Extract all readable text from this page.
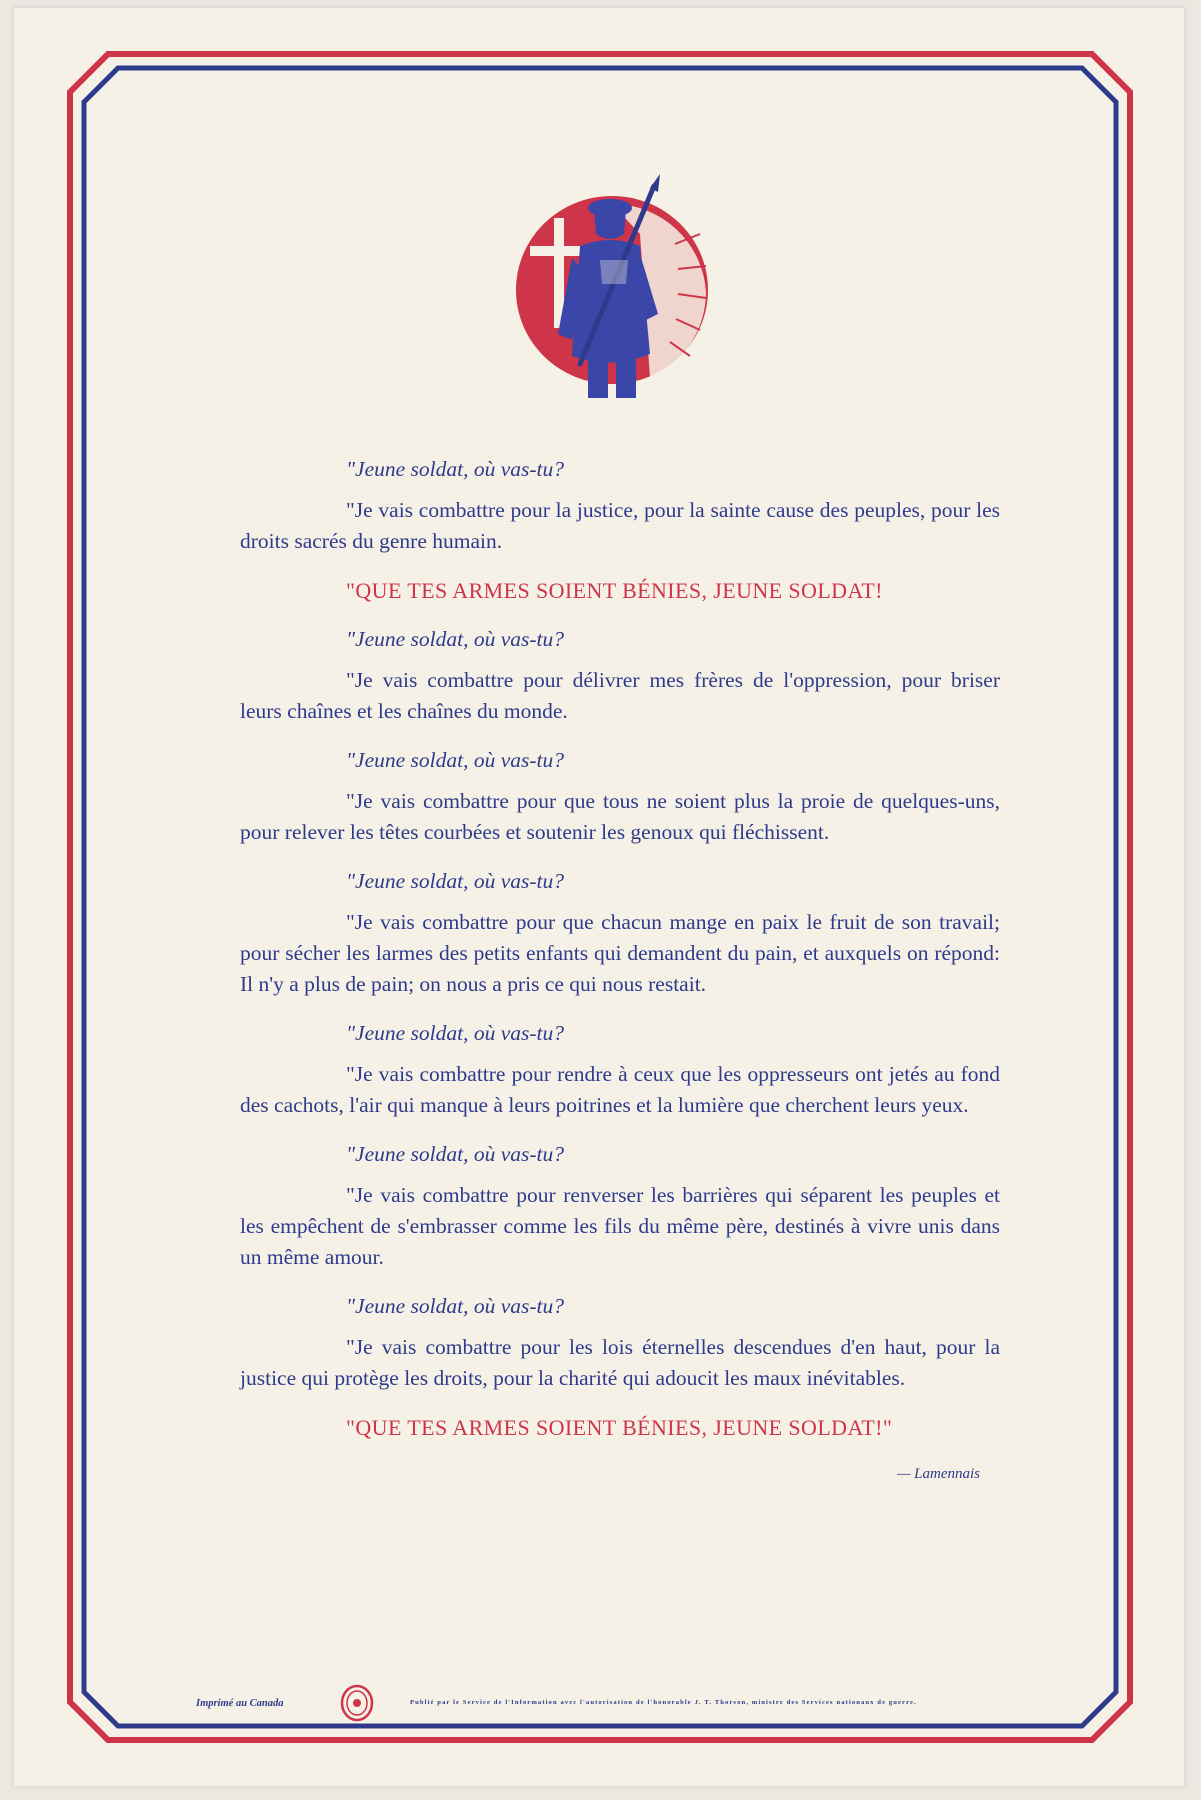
"Jeune soldat, où vas-tu?

"Je vais combattre pour la justice, pour la sainte cause des peuples, pour les droits sacrés du genre humain.

"QUE TES ARMES SOIENT BÉNIES, JEUNE SOLDAT!

"Jeune soldat, où vas-tu?

"Je vais combattre pour délivrer mes frères de l'oppression, pour briser leurs chaînes et les chaînes du monde.

"Jeune soldat, où vas-tu?

"Je vais combattre pour que tous ne soient plus la proie de quelques-uns, pour relever les têtes courbées et soutenir les genoux qui fléchissent.

"Jeune soldat, où vas-tu?

"Je vais combattre pour que chacun mange en paix le fruit de son travail; pour sécher les larmes des petits enfants qui demandent du pain, et auxquels on répond: Il n'y a plus de pain; on nous a pris ce qui nous restait.

"Jeune soldat, où vas-tu?

"Je vais combattre pour rendre à ceux que les oppresseurs ont jetés au fond des cachots, l'air qui manque à leurs poitrines et la lumière que cherchent leurs yeux.

"Jeune soldat, où vas-tu?

"Je vais combattre pour renverser les barrières qui séparent les peuples et les empêchent de s'embrasser comme les fils du même père, destinés à vivre unis dans un même amour.

"Jeune soldat, où vas-tu?

"Je vais combattre pour les lois éternelles descendues d'en haut, pour la justice qui protège les droits, pour la charité qui adoucit les maux inévitables.

"QUE TES ARMES SOIENT BÉNIES, JEUNE SOLDAT!"

— Lamennais

Imprimé au Canada	Publié par le Service de l'Information avec l'autorisation de l'honorable J. T. Thorson, ministre des Services nationaux de guerre.
